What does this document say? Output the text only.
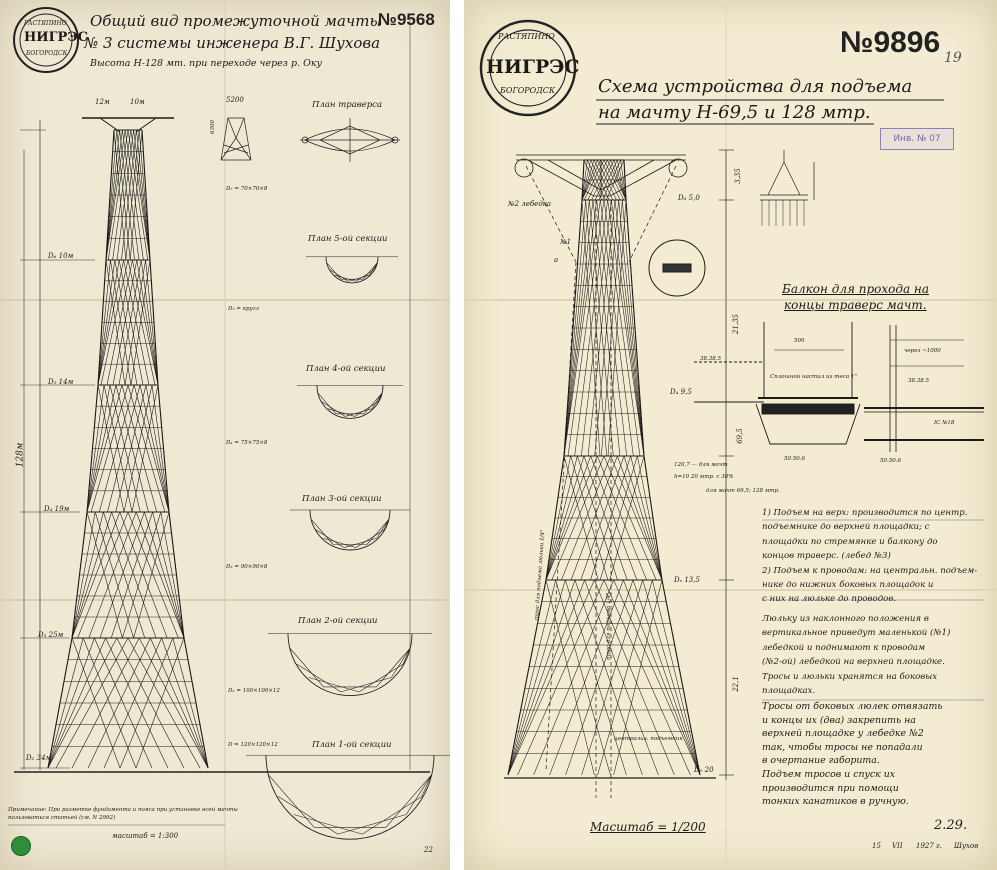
РАСТЯПИНО
НИГРЭС
БОГОРОДСК
№9568
Общий вид промежуточной мачты
№ 3 системы инженера В.Г. Шухова
Высота H-128 мт. при переходе через р. Оку
12м	10м	5200
6300
План траверса
План 5-ой секции
План 4-ой секции
План 3-ой секции
План 2-ой секции
План 1-ой секции
D₆ 10м
D₅ 14м
D₄ 19м
D₃ 25м
D₂ 34м
128м
D₆ = 70×70×8
D₅ = кругл
D₄ = 75×75×8
D₃ = 90×90×8
D₂ = 100×100×12
D = 120×120×12
Примечание: При разметке фундамента и пояса при установке всей мачты пользоваться статьей (см. N 2992)
масштаб = 1:300
22
РАСТЯПИНО
НИГРЭС
БОГОРОДСК
№9896 19
Схема устройства для подъема
на мачту H-69,5 и 128 мтр.
Инв. № 07
№2 лебедка
№1
a
D₆ 5,0
D₄ 9,5
Dₓ 13,5
D₀ 20
3,35
21,35
69,5
22,1
трос для подъема люльки 1/4"
трос для подъема 1/4"
центральн. подъемник
120,7 — для мачт
h=10 20 мтр. с 30%
для мачт 69,5; 128 мтр.
Балкон для прохода на
концы траверс мачт.
500
38.38.5
50.50.6
через ~1000
38.38.5
50.50.6
IС №18
Сплошной настил из теса 1"
1) Подъем на верх: производится по центр.
подъемнике до верхней площадки; с
площадки по стремянке и балкону до
концов траверс. (лебед №3)
2) Подъем к проводам: на центральн. подъем-
нике до нижних боковых площадок и
с них на люльке до проводов.
Люльку из наклонного положения в
вертикальное приведут маленькой (№1)
лебедкой и поднимают к проводам
(№2-ой) лебедкой на верхней площадке.
Тросы и люльки хранятся на боковых
площадках.
Тросы от боковых люлек отвязать
и концы их (два) закрепить на
верхней площадке у лебедке №2
так, чтобы тросы не попадали
в очертание габорита.
Подъем тросов и спуск их
производится при помощи
тонких канатиков в ручную.
Масштаб = 1/200	2.29.
15 VII 1927 г. Шухов
